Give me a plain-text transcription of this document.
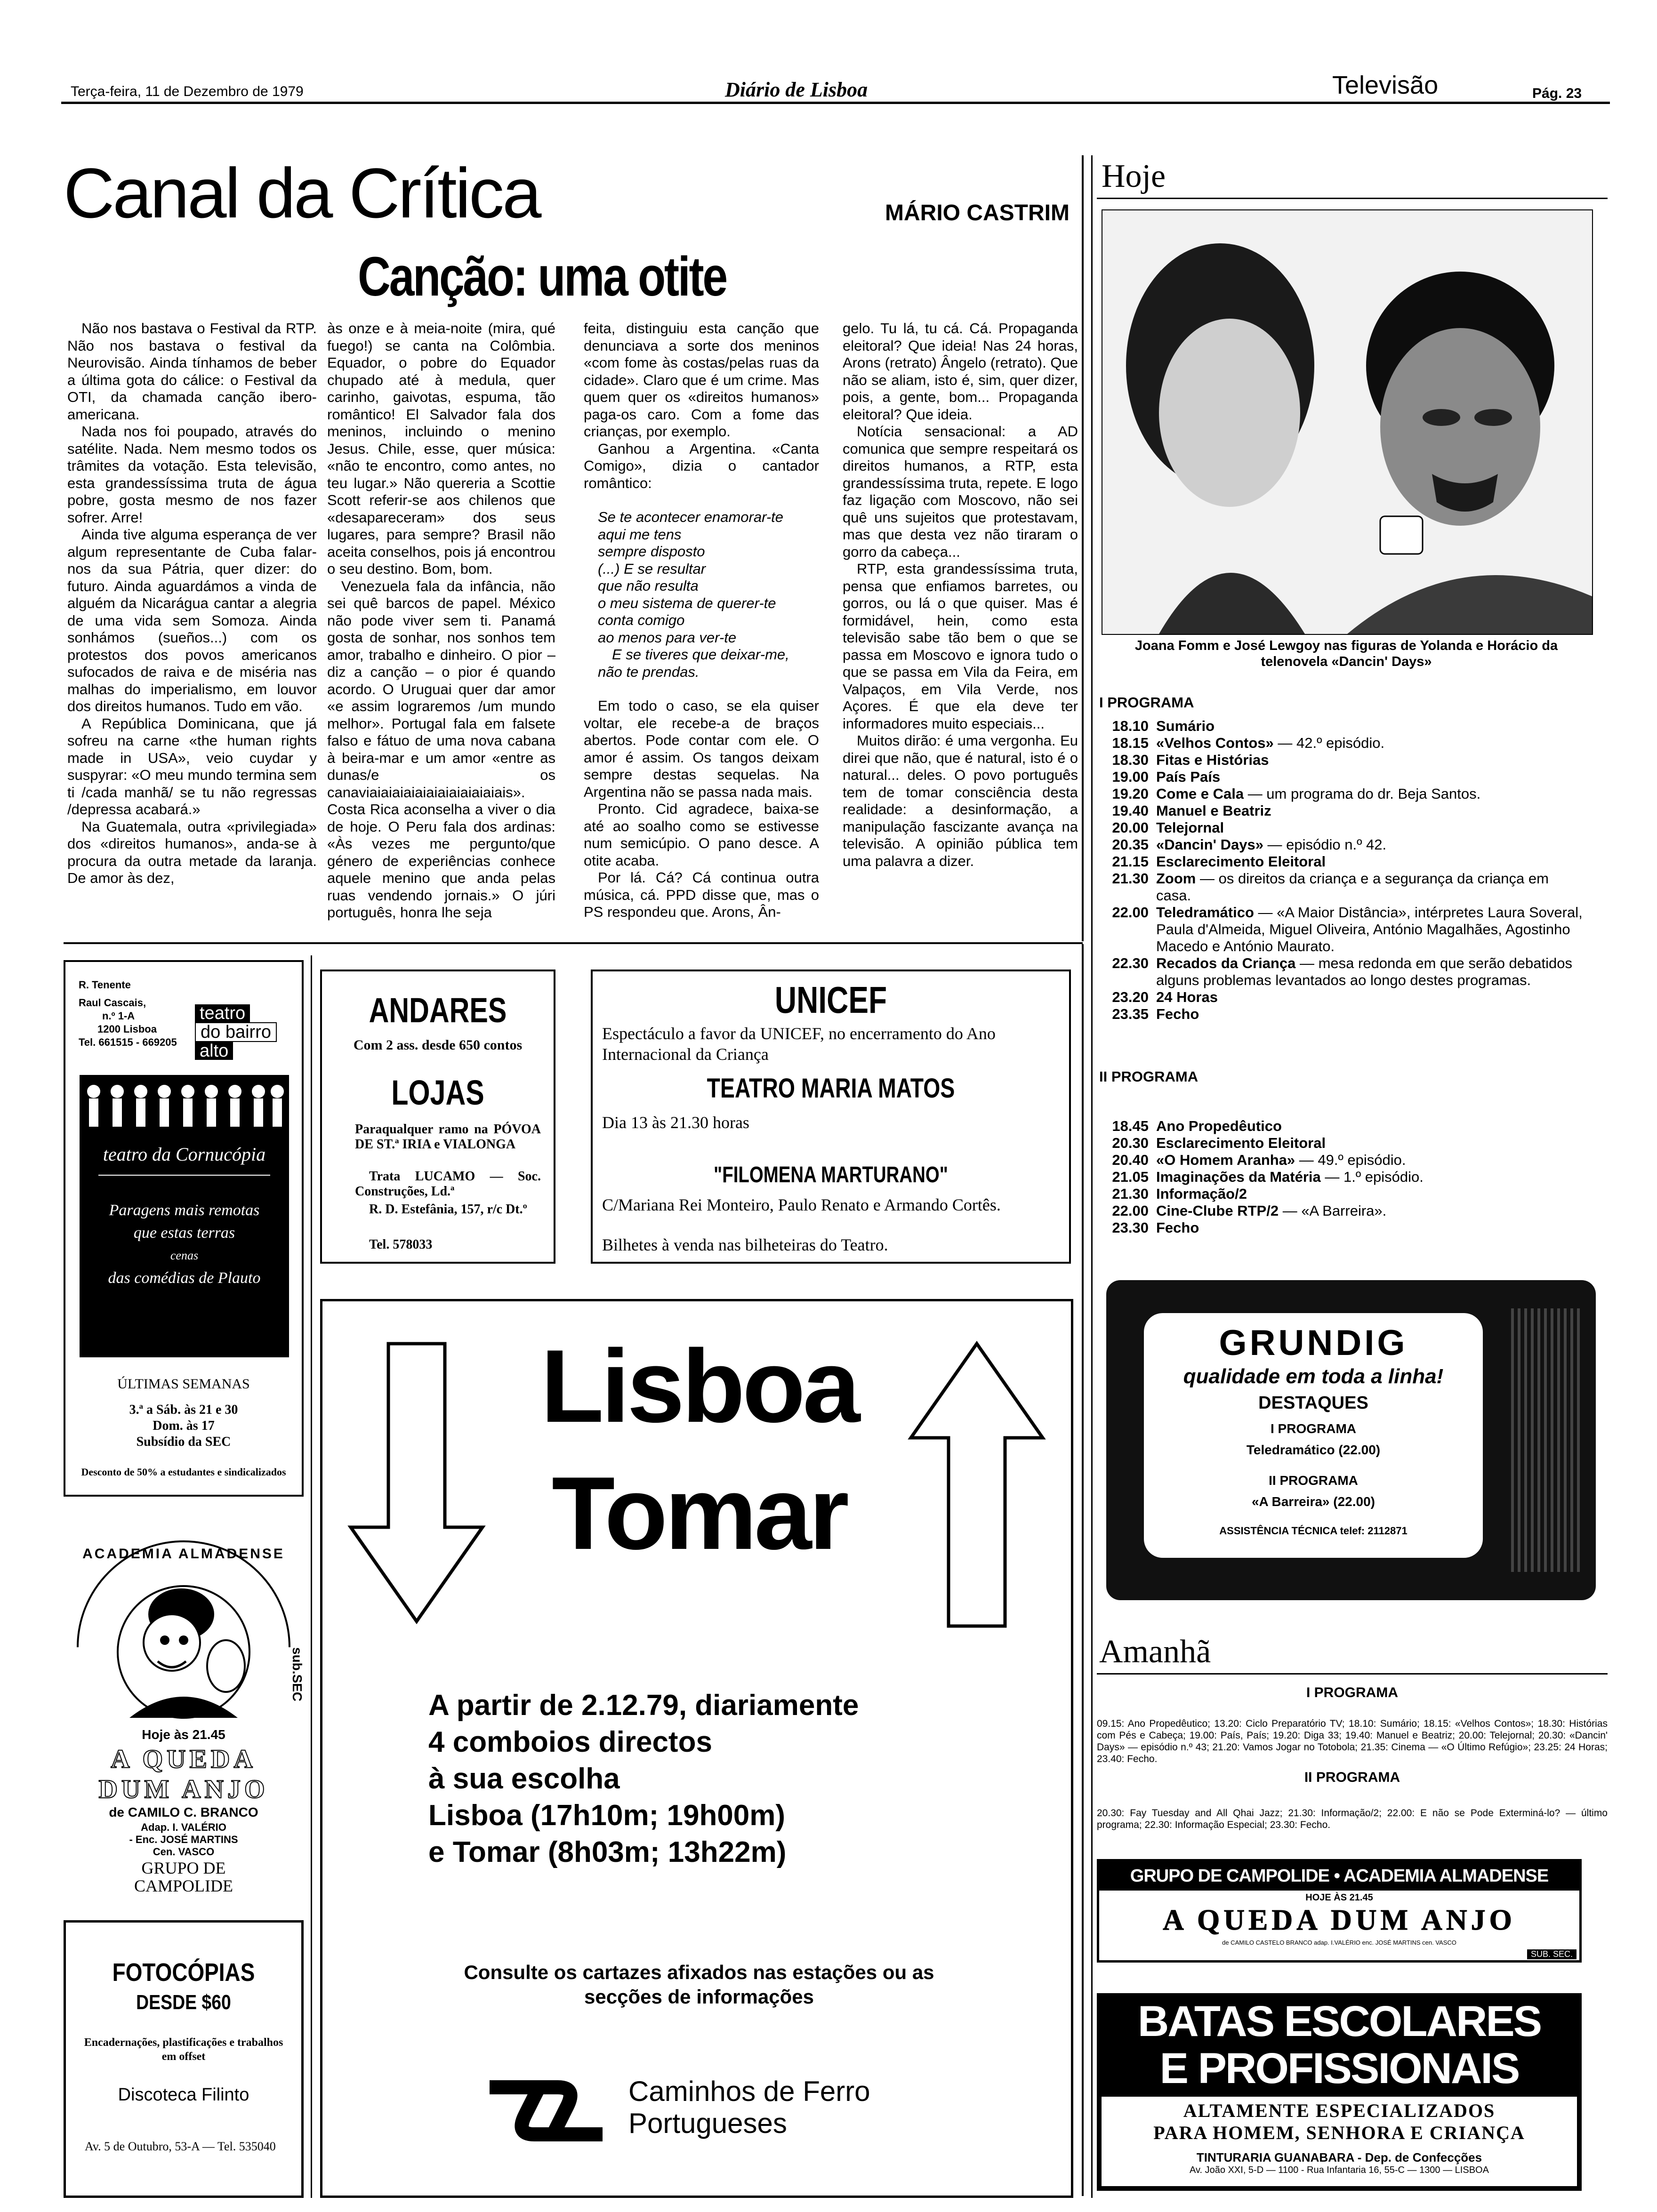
Terça-feira, 11 de Dezembro de 1979	Diário de Lisboa	Televisão	Pág. 23
Canal da Crítica	MÁRIO CASTRIM
Canção: uma otite

Não nos bastava o Festival da RTP. Não nos bastava o festival da Neurovisão. Ainda tínhamos de beber a última gota do cálice: o Festival da OTI, da chamada canção ibero-americana.

Nada nos foi poupado, através do satélite. Nada. Nem mesmo todos os trâmites da votação. Esta televisão, esta grandessíssima truta de água pobre, gosta mesmo de nos fazer sofrer. Arre!

Ainda tive alguma esperança de ver algum representante de Cuba falar-nos da sua Pátria, quer dizer: do futuro. Ainda aguardámos a vinda de alguém da Nicarágua cantar a alegria de uma vida sem Somoza. Ainda sonhámos (sueños...) com os protestos dos povos americanos sufocados de raiva e de miséria nas malhas do imperialismo, em louvor dos direitos humanos. Tudo em vão.

A República Dominicana, que já sofreu na carne «the human rights made in USA», veio cuydar y suspyrar: «O meu mundo termina sem ti /cada manhã/ se tu não regressas /depressa acabará.»

Na Guatemala, outra «privilegiada» dos «direitos humanos», anda-se à procura da outra metade da laranja. De amor às dez,

às onze e à meia-noite (mira, qué fuego!) se canta na Colômbia. Equador, o pobre do Equador chupado até à medula, quer carinho, gaivotas, espuma, tão romântico! El Salvador fala dos meninos, incluindo o menino Jesus. Chile, esse, quer música: «não te encontro, como antes, no teu lugar.» Não quereria a Scottie Scott referir-se aos chilenos que «desapareceram» dos seus lugares, para sempre? Brasil não aceita conselhos, pois já encontrou o seu destino. Bom, bom.

Venezuela fala da infância, não sei quê barcos de papel. México não pode viver sem ti. Panamá gosta de sonhar, nos sonhos tem amor, trabalho e dinheiro. O pior – diz a canção – o pior é quando acordo. O Uruguai quer dar amor «e assim lograremos /um mundo melhor». Portugal fala em falsete falso e fátuo de uma nova cabana à beira-mar e um amor «entre as dunas/e os canaviaiaiaiaiaiaiaiaiaiaiaiais». Costa Rica aconselha a viver o dia de hoje. O Peru fala dos ardinas: «Às vezes me pergunto/que género de experiências conhece aquele menino que anda pelas ruas vendendo jornais.» O júri português, honra lhe seja

feita, distinguiu esta canção que denunciava a sorte dos meninos «com fome às costas/pelas ruas da cidade». Claro que é um crime. Mas quem quer os «direitos humanos» paga-os caro. Com a fome das crianças, por exemplo.

Ganhou a Argentina. «Canta Comigo», dizia o cantador romântico:

Se te acontecer enamorar-te
aqui me tens
sempre disposto
(...) E se resultar
que não resulta
o meu sistema de querer-te
conta comigo
ao menos para ver-te
E se tiveres que deixar-me,
não te prendas.

Em todo o caso, se ela quiser voltar, ele recebe-a de braços abertos. Pode contar com ele. O amor é assim. Os tangos deixam sempre destas sequelas. Na Argentina não se passa nada mais.

Pronto. Cid agradece, baixa-se até ao soalho como se estivesse num semicúpio. O pano desce. A otite acaba.

Por lá. Cá? Cá continua outra música, cá. PPD disse que, mas o PS respondeu que. Arons, Ân-

gelo. Tu lá, tu cá. Cá. Propaganda eleitoral? Que ideia! Nas 24 horas, Arons (retrato) Ângelo (retrato). Que não se aliam, isto é, sim, quer dizer, pois, a gente, bom... Propaganda eleitoral? Que ideia.

Notícia sensacional: a AD comunica que sempre respeitará os direitos humanos, a RTP, esta grandessíssima truta, repete. E logo faz ligação com Moscovo, não sei quê uns sujeitos que protestavam, mas que desta vez não tiraram o gorro da cabeça...

RTP, esta grandessíssima truta, pensa que enfiamos barretes, ou gorros, ou lá o que quiser. Mas é formidável, hein, como esta televisão sabe tão bem o que se passa em Moscovo e ignora tudo o que se passa em Vila da Feira, em Valpaços, em Vila Verde, nos Açores. É que ela deve ter informadores muito especiais...

Muitos dirão: é uma vergonha. Eu direi que não, que é natural, isto é o natural... deles. O povo português tem de tomar consciência desta realidade: a desinformação, a manipulação fascizante avança na televisão. A opinião pública tem uma palavra a dizer.

Hoje
Joana Fomm e José Lewgoy nas figuras de Yolanda e Horácio da telenovela «Dancin' Days»
I PROGRAMA
18.10 Sumário
18.15 «Velhos Contos» — 42.º episódio.
18.30 Fitas e Histórias
19.00 País País
19.20 Come e Cala — um programa do dr. Beja Santos.
19.40 Manuel e Beatriz
20.00 Telejornal
20.35 «Dancin' Days» — episódio n.º 42.
21.15 Esclarecimento Eleitoral
21.30 Zoom — os direitos da criança e a segurança da criança em casa.
22.00 Teledramático — «A Maior Distância», intérpretes Laura Soveral, Paula d'Almeida, Miguel Oliveira, António Magalhães, Agostinho Macedo e António Maurato.
22.30 Recados da Criança — mesa redonda em que serão debatidos alguns problemas levantados ao longo destes programas.
23.20 24 Horas
23.35 Fecho
II PROGRAMA
18.45 Ano Propedêutico
20.30 Esclarecimento Eleitoral
20.40 «O Homem Aranha» — 49.º episódio.
21.05 Imaginações da Matéria — 1.º episódio.
21.30 Informação/2
22.00 Cine-Clube RTP/2 — «A Barreira».
23.30 Fecho
GRUNDIG
qualidade em toda a linha!
DESTAQUES
I PROGRAMA
Teledramático (22.00)
II PROGRAMA
«A Barreira» (22.00)
ASSISTÊNCIA TÉCNICA telef: 2112871
Amanhã
I PROGRAMA
09.15: Ano Propedêutico; 13.20: Ciclo Preparatório TV; 18.10: Sumário; 18.15: «Velhos Contos»; 18.30: Histórias com Pés e Cabeça; 19.00: País, País; 19.20: Diga 33; 19.40: Manuel e Beatriz; 20.00: Telejornal; 20.30: «Dancin' Days» — episódio n.º 43; 21.20: Vamos Jogar no Totobola; 21.35: Cinema — «O Último Refúgio»; 23.25: 24 Horas; 23.40: Fecho.
II PROGRAMA
20.30: Fay Tuesday and All Qhai Jazz; 21.30: Informação/2; 22.00: E não se Pode Exterminá-lo? — último programa; 22.30: Informação Especial; 23.30: Fecho.
GRUPO DE CAMPOLIDE • ACADEMIA ALMADENSE
HOJE ÀS 21.45
A QUEDA DUM ANJO
de CAMILO CASTELO BRANCO adap. I.VALÉRIO enc. JOSÉ MARTINS cen. VASCO
SUB. SEC.
BATAS ESCOLARES
E PROFISSIONAIS
ALTAMENTE ESPECIALIZADOS
PARA HOMEM, SENHORA E CRIANÇA
TINTURARIA GUANABARA - Dep. de Confecções
Av. João XXI, 5-D — 1100 - Rua Infantaria 16, 55-C — 1300 — LISBOA
R. Tenente
Raul Cascais,
n.º 1-A
1200 Lisboa
Tel. 661515 - 669205
teatro
do bairro
alto
teatro da Cornucópia
Paragens mais remotas
que estas terras
cenas
das comédias de Plauto
ÚLTIMAS SEMANAS
3.ª a Sáb. às 21 e 30
Dom. às 17
Subsídio da SEC
Desconto de 50% a estudantes e sindicalizados
ACADEMIA ALMADENSE
sub.SEC
Hoje às 21.45
A QUEDA
DUM ANJO
de CAMILO C. BRANCO
Adap. I. VALÉRIO
- Enc. JOSÉ MARTINS
Cen. VASCO
GRUPO DE
CAMPOLIDE
FOTOCÓPIAS
DESDE $60
Encadernações, plastificações e trabalhos em offset
Discoteca Filinto
Av. 5 de Outubro, 53-A — Tel. 535040
ANDARES
Com 2 ass. desde 650 contos
LOJAS
Paraqualquer ramo na PÓVOA DE ST.ª IRIA e VIALONGA
Trata LUCAMO — Soc. Construções, Ld.ª
R. D. Estefânia, 157, r/c Dt.º
Tel. 578033
UNICEF
Espectáculo a favor da UNICEF, no encerramento do Ano Internacional da Criança
TEATRO MARIA MATOS
Dia 13 às 21.30 horas
"FILOMENA MARTURANO"
C/Mariana Rei Monteiro, Paulo Renato e Armando Cortês.
Bilhetes à venda nas bilheteiras do Teatro.
Lisboa
Tomar
A partir de 2.12.79, diariamente
4 comboios directos
à sua escolha
Lisboa (17h10m; 19h00m)
e Tomar (8h03m; 13h22m)
Consulte os cartazes afixados nas estações ou as secções de informações
Caminhos de Ferro
Portugueses
